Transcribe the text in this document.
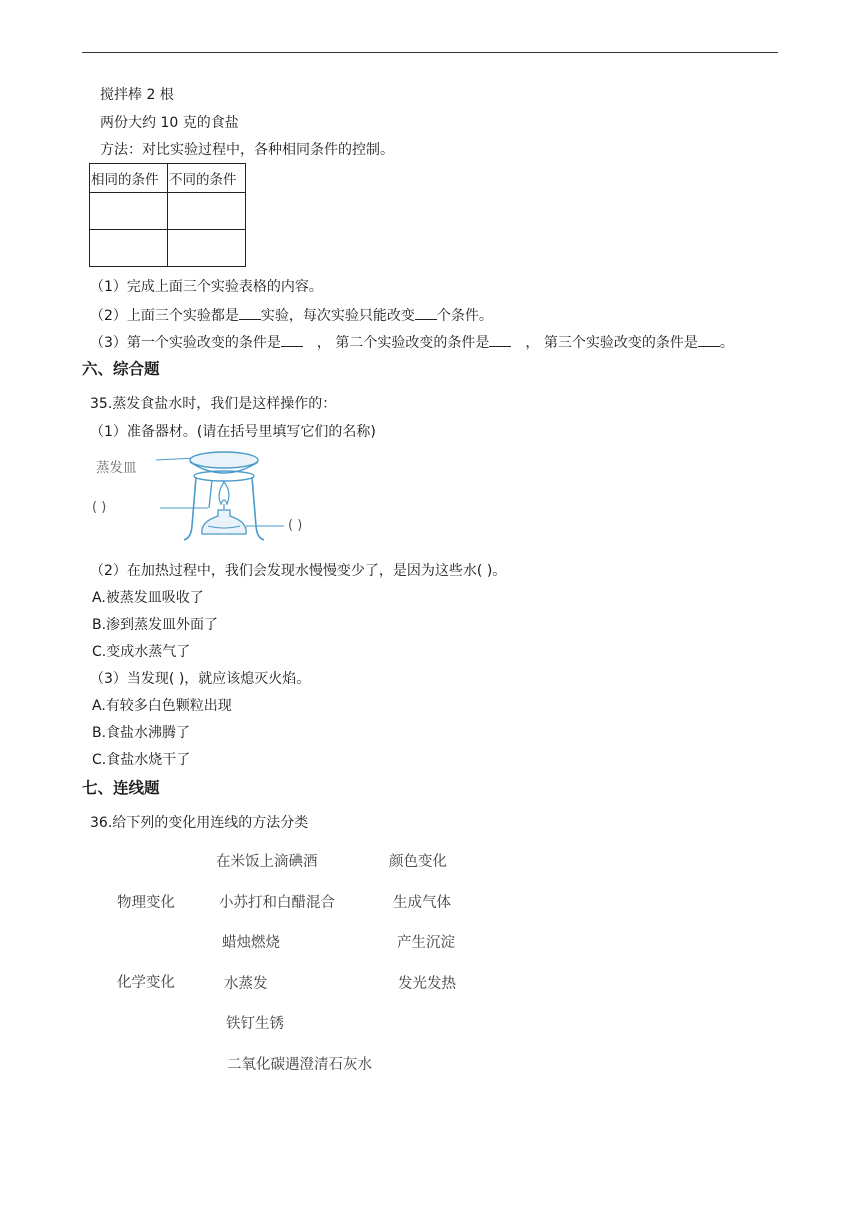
搅拌棒 2 根
两份大约 10 克的食盐
方法：对比实验过程中，各种相同条件的控制。
相同的条件	不同的条件

（1）完成上面三个实验表格的内容。
（2）上面三个实验都是 实验，每次实验只能改变 个条件。
（3）第一个实验改变的条件是	， 第二个实验改变的条件是	， 第三个实验改变的条件是 。
六、综合题
35.蒸发食盐水时，我们是这样操作的：
（1）准备器材。(请在括号里填写它们的名称)
蒸发皿
( )
( )
（2）在加热过程中，我们会发现水慢慢变少了，是因为这些水( )。
A.被蒸发皿吸收了
B.渗到蒸发皿外面了
C.变成水蒸气了
（3）当发现( )，就应该熄灭火焰。
A.有较多白色颗粒出现
B.食盐水沸腾了
C.食盐水烧干了
七、连线题
36.给下列的变化用连线的方法分类
物理变化
化学变化
在米饭上滴碘酒
小苏打和白醋混合
蜡烛燃烧
水蒸发
铁钉生锈
二氧化碳遇澄清石灰水
颜色变化
生成气体
产生沉淀
发光发热
